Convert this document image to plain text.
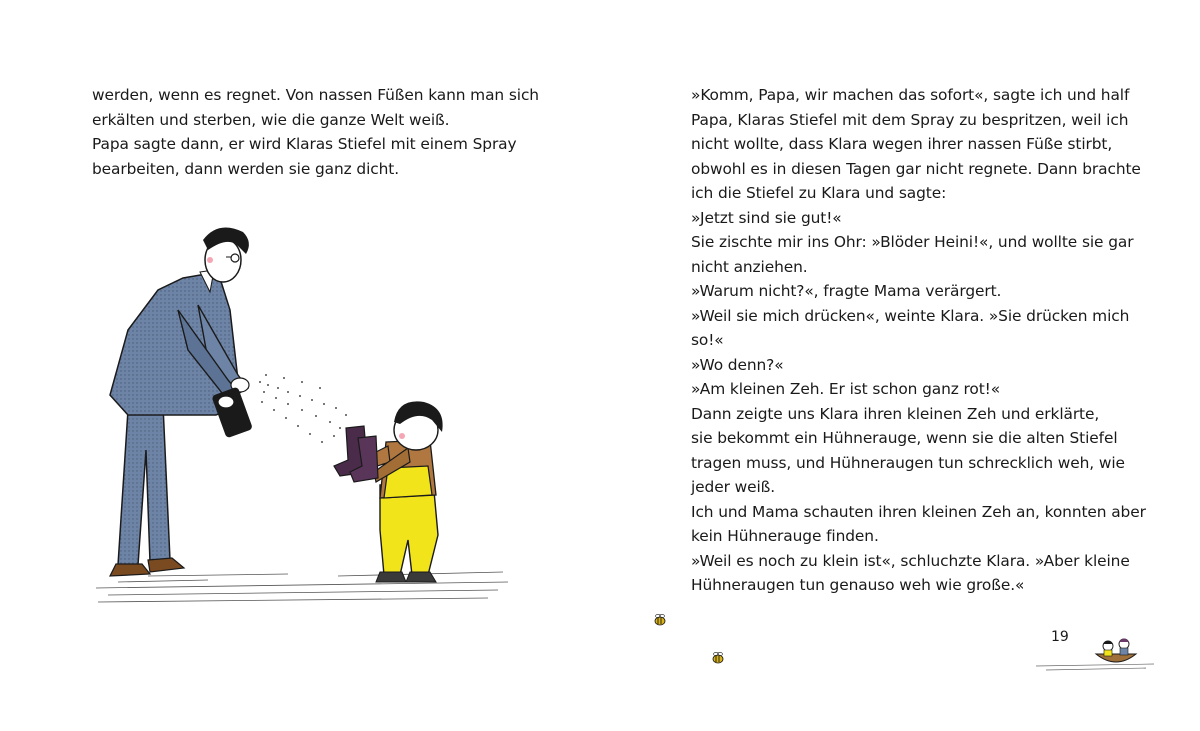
werden, wenn es regnet. Von nassen Füßen kann man sich
erkälten und sterben, wie die ganze Welt weiß.
Papa sagte dann, er wird Klaras Stiefel mit einem Spray
bearbeiten, dann werden sie ganz dicht.
»Komm, Papa, wir machen das sofort«, sagte ich und half
Papa, Klaras Stiefel mit dem Spray zu bespritzen, weil ich
nicht wollte, dass Klara wegen ihrer nassen Füße stirbt,
obwohl es in diesen Tagen gar nicht regnete. Dann brachte
ich die Stiefel zu Klara und sagte:
»Jetzt sind sie gut!«
Sie zischte mir ins Ohr: »Blöder Heini!«, und wollte sie gar
nicht anziehen.
»Warum nicht?«, fragte Mama verärgert.
»Weil sie mich drücken«, weinte Klara. »Sie drücken mich
so!«
»Wo denn?«
»Am kleinen Zeh. Er ist schon ganz rot!«
Dann zeigte uns Klara ihren kleinen Zeh und erklärte,
sie bekommt ein Hühnerauge, wenn sie die alten Stiefel
tragen muss, und Hühneraugen tun schrecklich weh, wie
jeder weiß.
Ich und Mama schauten ihren kleinen Zeh an, konnten aber
kein Hühnerauge finden.
»Weil es noch zu klein ist«, schluchzte Klara. »Aber kleine
Hühneraugen tun genauso weh wie große.«
19
